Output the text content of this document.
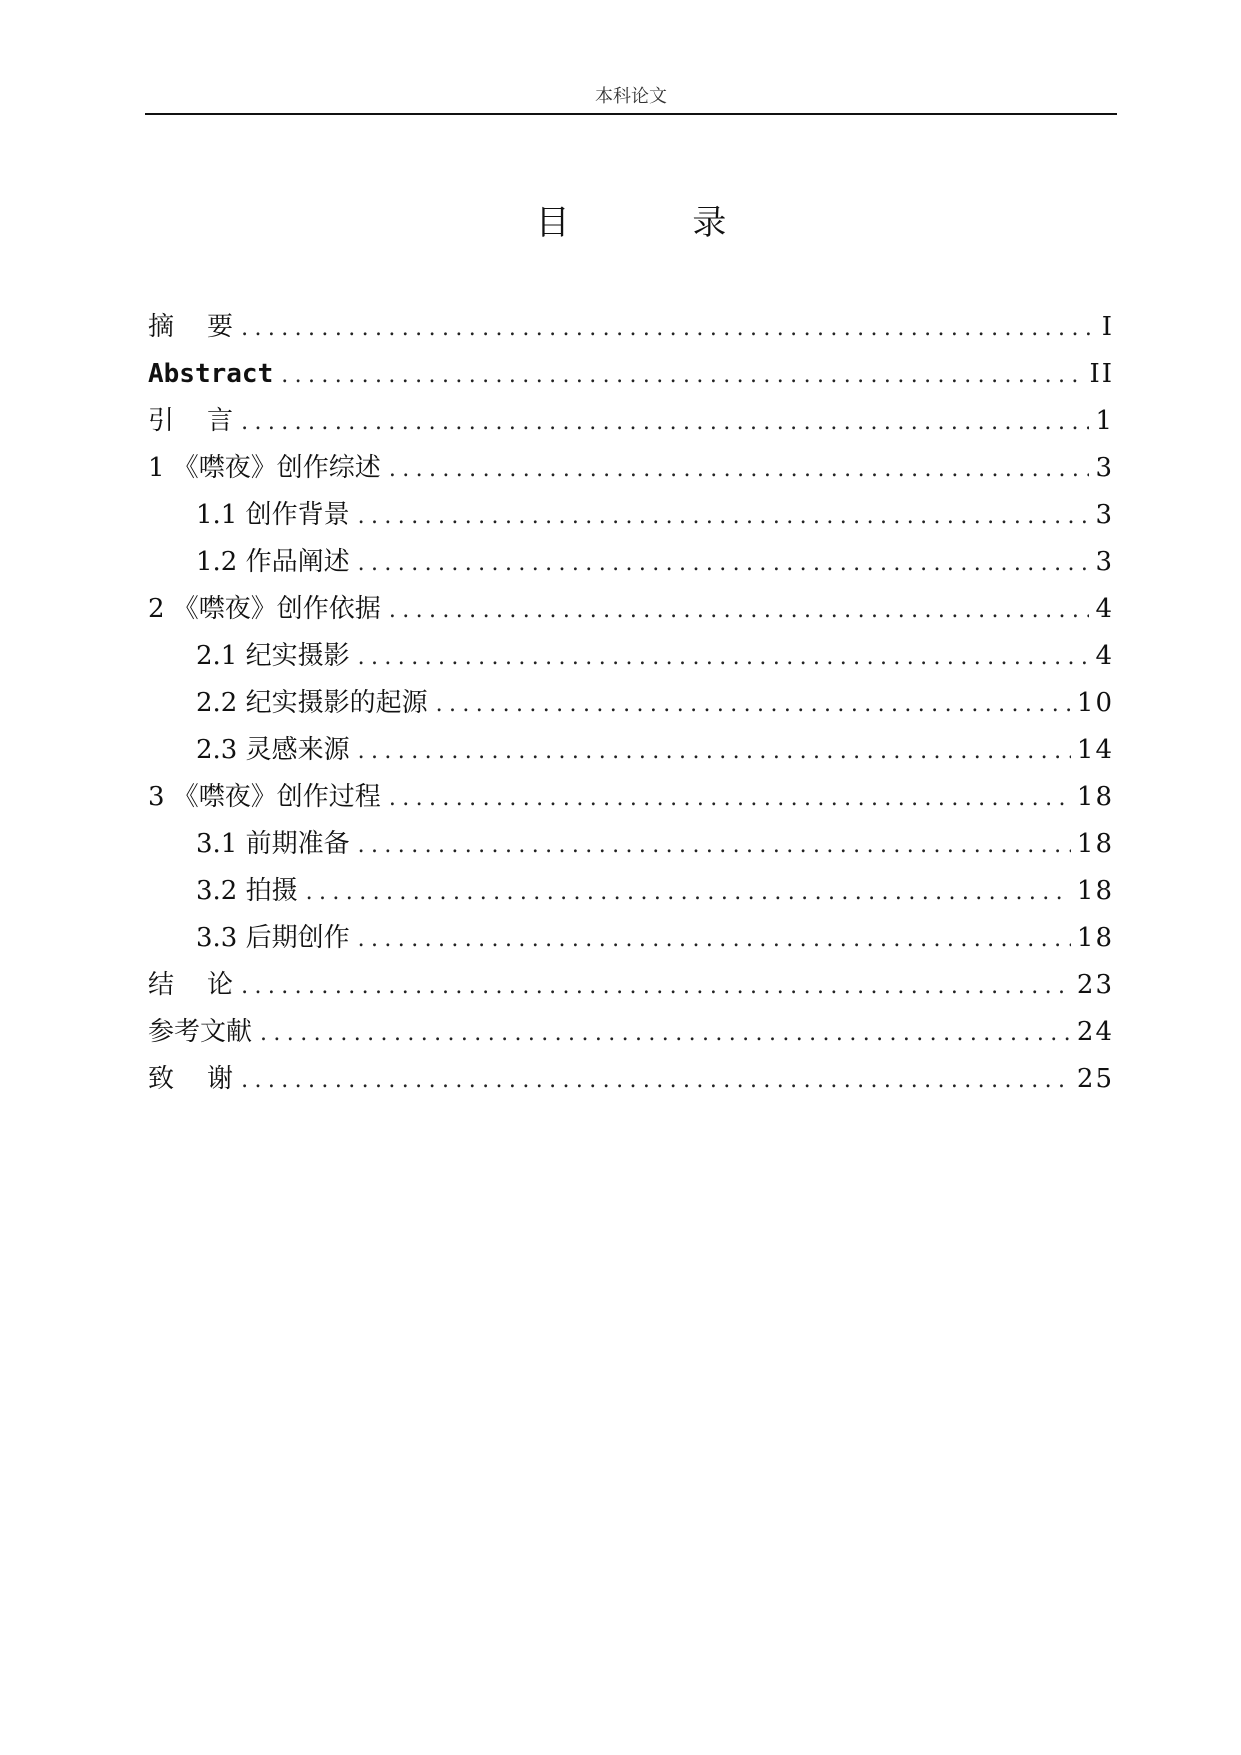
本科论文
目 录
摘    要 .....	I
Abstract .....	II
引    言 .....	1
1 《噤夜》创作综述 .....	3
1.1 创作背景 .....	3
1.2 作品阐述 .....	3
2 《噤夜》创作依据 .....	4
2.1 纪实摄影 .....	4
2.2 纪实摄影的起源 .....	10
2.3 灵感来源 .....	14
3 《噤夜》创作过程 .....	18
3.1 前期准备 .....	18
3.2 拍摄 .....	18
3.3 后期创作 .....	18
结    论 .....	23
参考文献 .....	24
致    谢 .....	25
